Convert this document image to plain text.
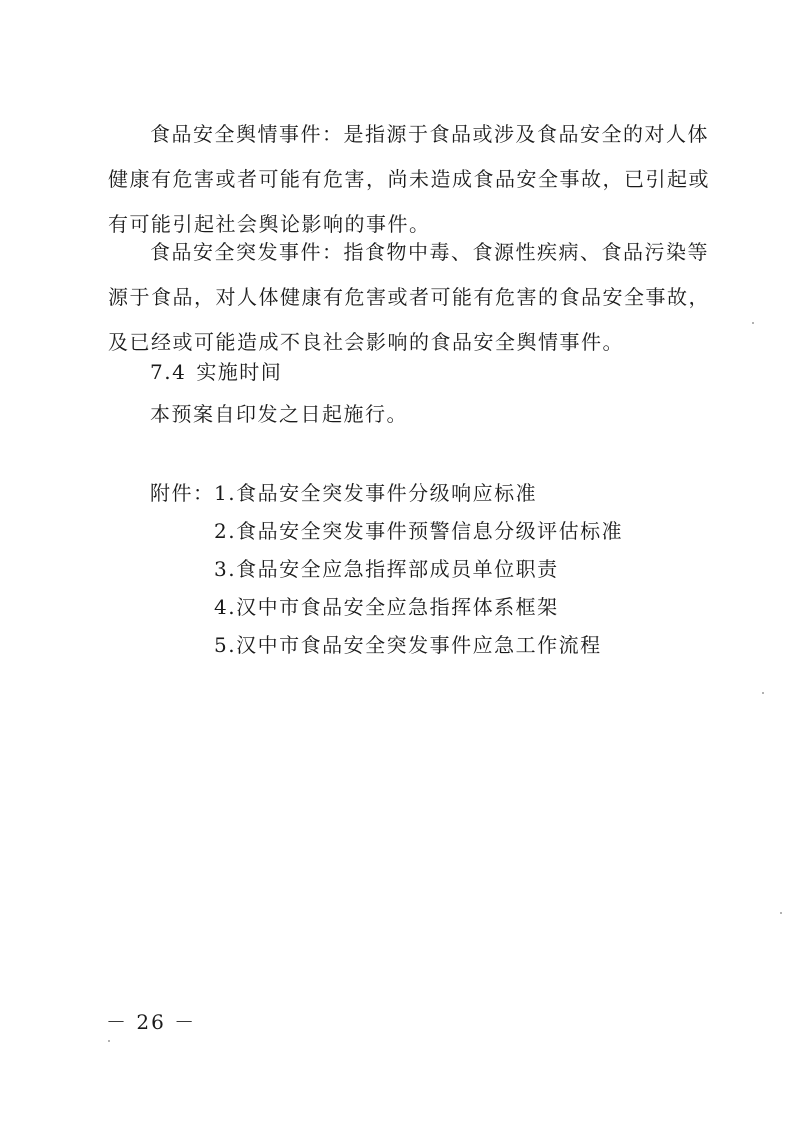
食品安全舆情事件：是指源于食品或涉及食品安全的对人体
健康有危害或者可能有危害，尚未造成食品安全事故，已引起或
有可能引起社会舆论影响的事件。

食品安全突发事件：指食物中毒、食源性疾病、食品污染等
源于食品，对人体健康有危害或者可能有危害的食品安全事故，
及已经或可能造成不良社会影响的食品安全舆情事件。

7.4 实施时间
本预案自印发之日起施行。
附件： 1.食品安全突发事件分级响应标准
2.食品安全突发事件预警信息分级评估标准
3.食品安全应急指挥部成员单位职责
4.汉中市食品安全应急指挥体系框架
5.汉中市食品安全突发事件应急工作流程
－ 26 －
